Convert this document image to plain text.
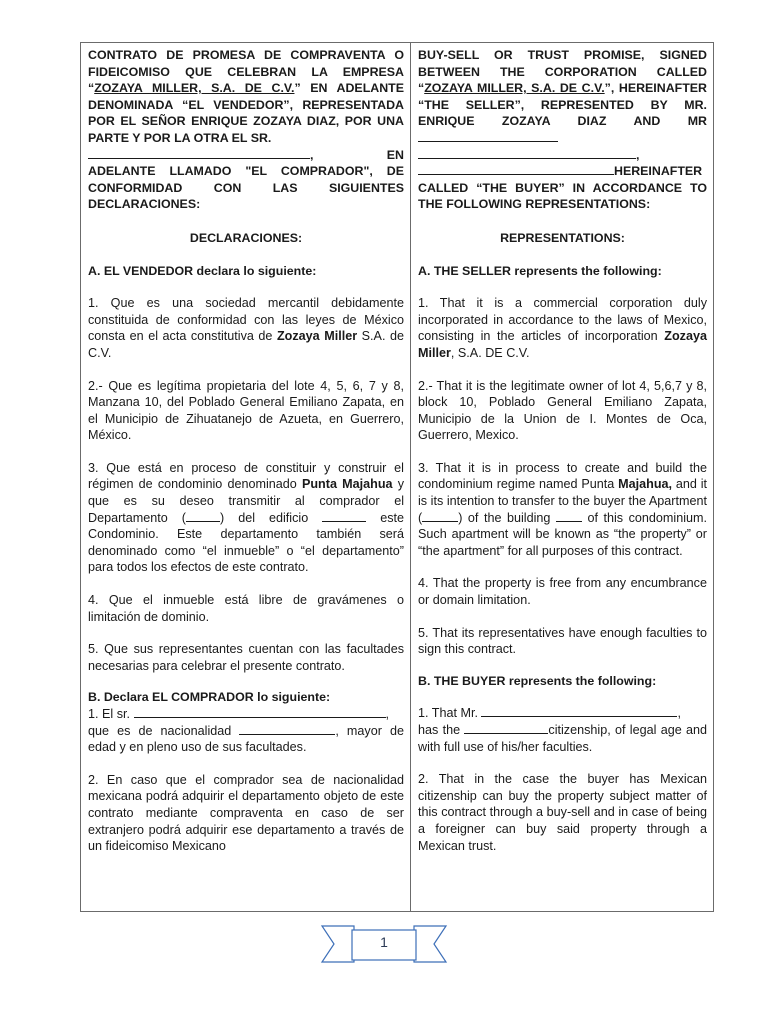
CONTRATO DE PROMESA DE COMPRAVENTA O FIDEICOMISO QUE CELEBRAN LA EMPRESA “ZOZAYA MILLER, S.A. DE C.V.” EN ADELANTE DENOMINADA “EL VENDEDOR”, REPRESENTADA POR EL SEÑOR ENRIQUE ZOZAYA DIAZ, POR UNA PARTE Y POR LA OTRA EL SR.
, EN ADELANTE LLAMADO "EL COMPRADOR", DE CONFORMIDAD CON LAS SIGUIENTES DECLARACIONES:

DECLARACIONES:

A. EL VENDEDOR declara lo siguiente:

1. Que es una sociedad mercantil debidamente constituida de conformidad con las leyes de México consta en el acta constitutiva de Zozaya Miller S.A. de C.V.

2.- Que es legítima propietaria del lote 4, 5, 6, 7 y 8, Manzana 10, del Poblado General Emiliano Zapata, en el Municipio de Zihuatanejo de Azueta, en Guerrero, México.

3. Que está en proceso de constituir y construir el régimen de condominio denominado Punta Majahua y que es su deseo transmitir al comprador el Departamento (	) del edificio	este Condominio. Este departamento también será denominado como “el inmueble” o “el departamento” para todos los efectos de este contrato.

4. Que el inmueble está libre de gravámenes o limitación de dominio.

5. Que sus representantes cuentan con las facultades necesarias para celebrar el presente contrato.

B. Declara EL COMPRADOR lo siguiente:

1. El sr.	,
que es de nacionalidad	, mayor de edad y en pleno uso de sus facultades.

2. En caso que el comprador sea de nacionalidad mexicana podrá adquirir el departamento objeto de este contrato mediante compraventa en caso de ser extranjero podrá adquirir ese departamento a través de un fideicomiso Mexicano

BUY-SELL OR TRUST PROMISE, SIGNED BETWEEN THE CORPORATION CALLED “ZOZAYA MILLER, S.A. DE C.V.”, HEREINAFTER “THE SELLER”, REPRESENTED BY MR. ENRIQUE ZOZAYA DIAZ AND MR
,
HEREINAFTER CALLED “THE BUYER” IN ACCORDANCE TO THE FOLLOWING REPRESENTATIONS:

REPRESENTATIONS:

A. THE SELLER represents the following:

1. That it is a commercial corporation duly incorporated in accordance to the laws of Mexico, consisting in the articles of incorporation Zozaya Miller, S.A. DE C.V.

2.- That it is the legitimate owner of lot 4, 5,6,7 y 8, block 10, Poblado General Emiliano Zapata, Municipio de la Union de I. Montes de Oca, Guerrero, Mexico.

3. That it is in process to create and build the condominium regime named Punta Majahua, and it is its intention to transfer to the buyer the Apartment (	) of the building	of this condominium. Such apartment will be known as “the property” or “the apartment” for all purposes of this contract.

4. That the property is free from any encumbrance or domain limitation.

5. That its representatives have enough faculties to sign this contract.

B. THE BUYER represents the following:

1. That Mr.	,
has the	citizenship, of legal age and with full use of his/her faculties.

2. That in the case the buyer has Mexican citizenship can buy the property subject matter of this contract through a buy-sell and in case of being a foreigner can buy said property through a Mexican trust.

1
